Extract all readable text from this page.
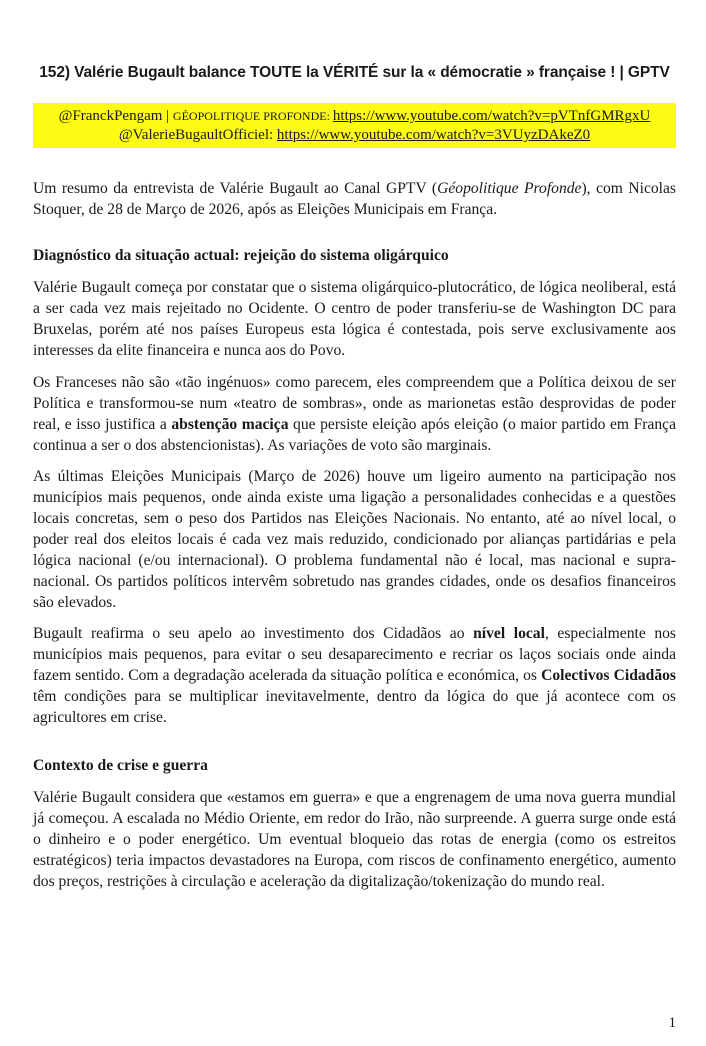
152) Valérie Bugault balance TOUTE la VÉRITÉ sur la « démocratie » française ! | GPTV
@FranckPengam | GÉOPOLITIQUE PROFONDE: https://www.youtube.com/watch?v=pVTnfGMRgxU
@ValerieBugaultOfficiel: https://www.youtube.com/watch?v=3VUyzDAkeZ0

Um resumo da entrevista de Valérie Bugault ao Canal GPTV (Géopolitique Profonde), com Nicolas Stoquer, de 28 de Março de 2026, após as Eleições Municipais em França.

Diagnóstico da situação actual: rejeição do sistema oligárquico

Valérie Bugault começa por constatar que o sistema oligárquico-plutocrático, de lógica neoliberal, está a ser cada vez mais rejeitado no Ocidente. O centro de poder transferiu-se de Washington DC para Bruxelas, porém até nos países Europeus esta lógica é contestada, pois serve exclusivamente aos interesses da elite financeira e nunca aos do Povo.

Os Franceses não são «tão ingénuos» como parecem, eles compreendem que a Política deixou de ser Política e transformou-se num «teatro de sombras», onde as marionetas estão desprovidas de poder real, e isso justifica a abstenção maciça que persiste eleição após eleição (o maior partido em França continua a ser o dos abstencionistas). As variações de voto são marginais.

As últimas Eleições Municipais (Março de 2026) houve um ligeiro aumento na participação nos municípios mais pequenos, onde ainda existe uma ligação a personalidades conhecidas e a questões locais concretas, sem o peso dos Partidos nas Eleições Nacionais. No entanto, até ao nível local, o poder real dos eleitos locais é cada vez mais reduzido, condicionado por alianças partidárias e pela lógica nacional (e/ou internacional). O problema fundamental não é local, mas nacional e supra-nacional. Os partidos políticos intervêm sobretudo nas grandes cidades, onde os desafios financeiros são elevados.

Bugault reafirma o seu apelo ao investimento dos Cidadãos ao nível local, especialmente nos municípios mais pequenos, para evitar o seu desaparecimento e recriar os laços sociais onde ainda fazem sentido. Com a degradação acelerada da situação política e económica, os Colectivos Cidadãos têm condições para se multiplicar inevitavelmente, dentro da lógica do que já acontece com os agricultores em crise.

Contexto de crise e guerra

Valérie Bugault considera que «estamos em guerra» e que a engrenagem de uma nova guerra mundial já começou. A escalada no Médio Oriente, em redor do Irão, não surpreende. A guerra surge onde está o dinheiro e o poder energético. Um eventual bloqueio das rotas de energia (como os estreitos estratégicos) teria impactos devastadores na Europa, com riscos de confinamento energético, aumento dos preços, restrições à circulação e aceleração da digitalização/tokenização do mundo real.

1
